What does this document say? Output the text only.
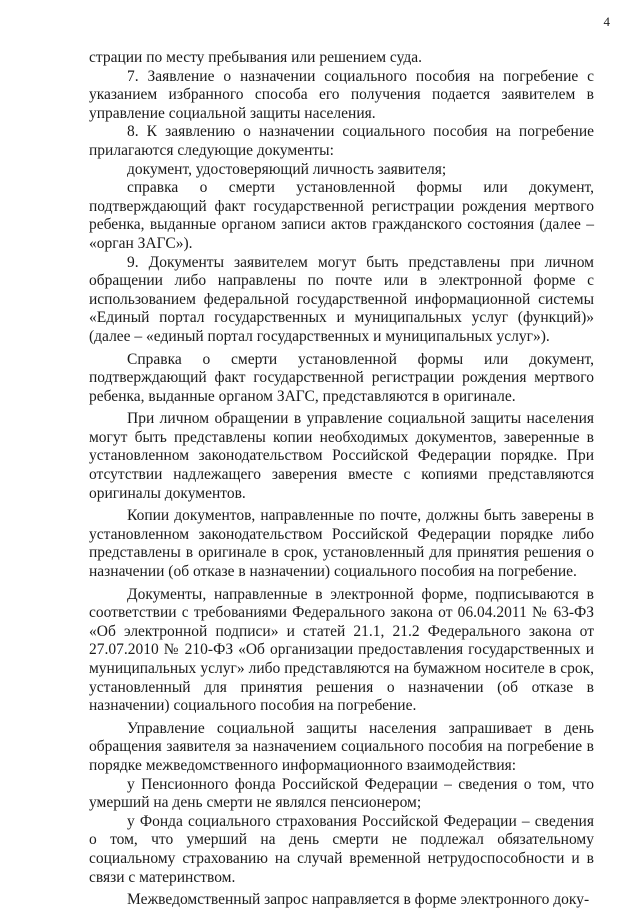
4

страции по месту пребывания или решением суда.

7. Заявление о назначении социального пособия на погребение с указанием избранного способа его получения подается заявителем в управление социальной защиты населения.

8. К заявлению о назначении социального пособия на погребение прилагаются следующие документы:

документ, удостоверяющий личность заявителя;

справка о смерти установленной формы или документ, подтверждающий факт государственной регистрации рождения мертвого ребенка, выданные органом записи актов гражданского состояния (далее – «орган ЗАГС»).

9. Документы заявителем могут быть представлены при личном обращении либо направлены по почте или в электронной форме с использованием федеральной государственной информационной системы «Единый портал государственных и муниципальных услуг (функций)» (далее – «единый портал государственных и муниципальных услуг»).

Справка о смерти установленной формы или документ, подтверждающий факт государственной регистрации рождения мертвого ребенка, выданные органом ЗАГС, представляются в оригинале.

При личном обращении в управление социальной защиты населения могут быть представлены копии необходимых документов, заверенные в установленном законодательством Российской Федерации порядке. При отсутствии надлежащего заверения вместе с копиями представляются оригиналы документов.

Копии документов, направленные по почте, должны быть заверены в установленном законодательством Российской Федерации порядке либо представлены в оригинале в срок, установленный для принятия решения о назначении (об отказе в назначении) социального пособия на погребение.

Документы, направленные в электронной форме, подписываются в соответствии с требованиями Федерального закона от 06.04.2011 № 63-ФЗ «Об электронной подписи» и статей 21.1, 21.2 Федерального закона от 27.07.2010 № 210-ФЗ «Об организации предоставления государственных и муниципальных услуг» либо представляются на бумажном носителе в срок, установленный для принятия решения о назначении (об отказе в назначении) социального пособия на погребение.

Управление социальной защиты населения запрашивает в день обращения заявителя за назначением социального пособия на погребение в порядке межведомственного информационного взаимодействия:

у Пенсионного фонда Российской Федерации – сведения о том, что умерший на день смерти не являлся пенсионером;

у Фонда социального страхования Российской Федерации – сведения о том, что умерший на день смерти не подлежал обязательному социальному страхованию на случай временной нетрудоспособности и в связи с материнством.

Межведомственный запрос направляется в форме электронного доку-
